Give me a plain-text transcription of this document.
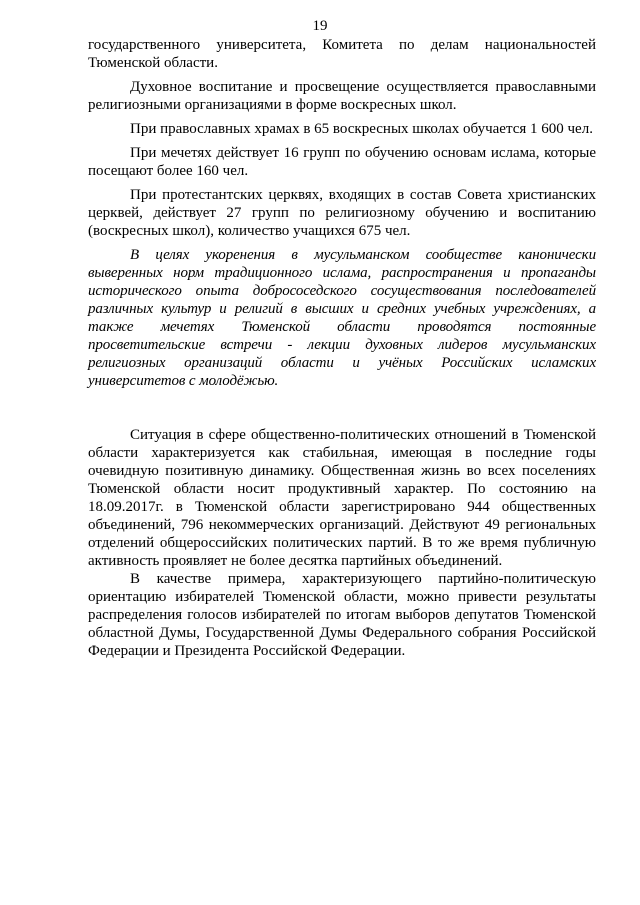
19

государственного университета, Комитета по делам национальностей Тюменской области.

Духовное воспитание и просвещение осуществляется православными религиозными организациями в форме воскресных школ.

При православных храмах в 65 воскресных школах обучается 1 600 чел.

При мечетях действует 16 групп по обучению основам ислама, которые посещают более 160 чел.

При протестантских церквях, входящих в состав Совета христианских церквей, действует 27 групп по религиозному обучению и воспитанию (воскресных школ), количество учащихся 675 чел.

В целях укоренения в мусульманском сообществе канонически выверенных норм традиционного ислама, распространения и пропаганды исторического опыта добрососедского сосуществования последователей различных культур и религий в высших и средних учебных учреждениях, а также мечетях Тюменской области проводятся постоянные просветительские встречи - лекции духовных лидеров мусульманских религиозных организаций области и учёных Российских исламских университетов с молодёжью.

Ситуация в сфере общественно-политических отношений в Тюменской области характеризуется как стабильная, имеющая в последние годы очевидную позитивную динамику. Общественная жизнь во всех поселениях Тюменской области носит продуктивный характер. По состоянию на 18.09.2017г. в Тюменской области зарегистрировано 944 общественных объединений, 796 некоммерческих организаций. Действуют 49 региональных отделений общероссийских политических партий. В то же время публичную активность проявляет не более десятка партийных объединений.

В качестве примера, характеризующего партийно-политическую ориентацию избирателей Тюменской области, можно привести результаты распределения голосов избирателей по итогам выборов депутатов Тюменской областной Думы, Государственной Думы Федерального собрания Российской Федерации и Президента Российской Федерации.
